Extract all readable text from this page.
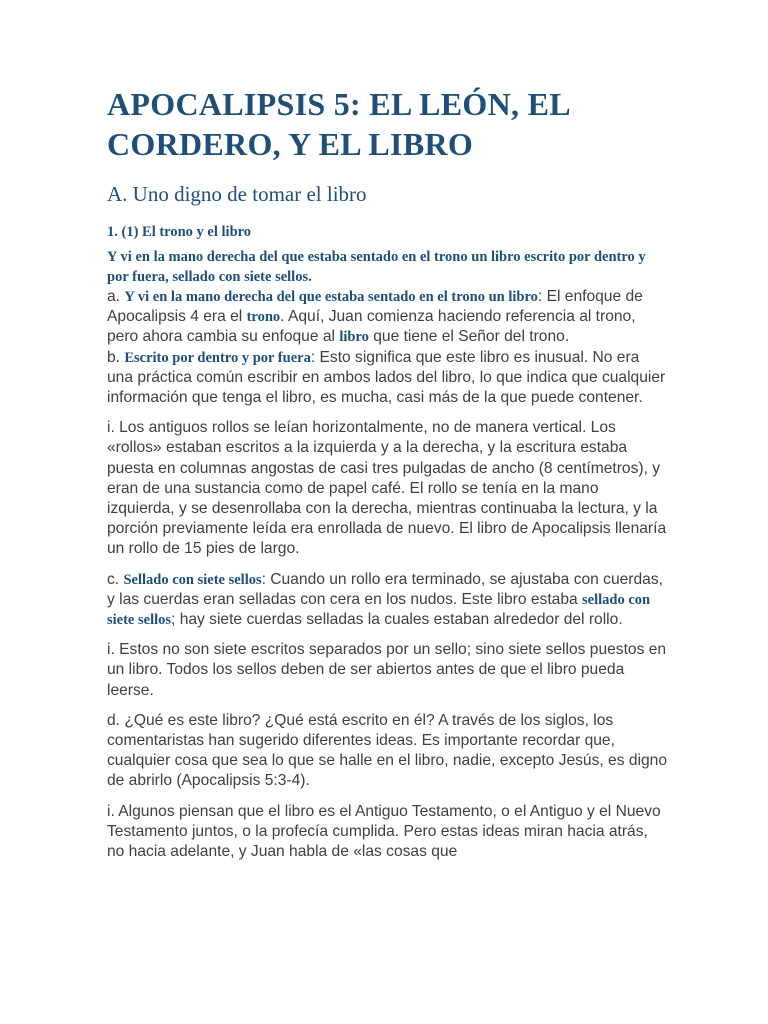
APOCALIPSIS 5: EL LEÓN, EL CORDERO, Y EL LIBRO
A. Uno digno de tomar el libro
1. (1) El trono y el libro

Y vi en la mano derecha del que estaba sentado en el trono un libro escrito por dentro y por fuera, sellado con siete sellos.

a. Y vi en la mano derecha del que estaba sentado en el trono un libro: El enfoque de Apocalipsis 4 era el trono. Aquí, Juan comienza haciendo referencia al trono, pero ahora cambia su enfoque al libro que tiene el Señor del trono.

b. Escrito por dentro y por fuera: Esto significa que este libro es inusual. No era una práctica común escribir en ambos lados del libro, lo que indica que cualquier información que tenga el libro, es mucha, casi más de la que puede contener.

i. Los antiguos rollos se leían horizontalmente, no de manera vertical. Los «rollos» estaban escritos a la izquierda y a la derecha, y la escritura estaba puesta en columnas angostas de casi tres pulgadas de ancho (8 centímetros), y eran de una sustancia como de papel café. El rollo se tenía en la mano izquierda, y se desenrollaba con la derecha, mientras continuaba la lectura, y la porción previamente leída era enrollada de nuevo. El libro de Apocalipsis llenaría un rollo de 15 pies de largo.

c. Sellado con siete sellos: Cuando un rollo era terminado, se ajustaba con cuerdas, y las cuerdas eran selladas con cera en los nudos. Este libro estaba sellado con siete sellos; hay siete cuerdas selladas la cuales estaban alrededor del rollo.

i. Estos no son siete escritos separados por un sello; sino siete sellos puestos en un libro. Todos los sellos deben de ser abiertos antes de que el libro pueda leerse.

d. ¿Qué es este libro? ¿Qué está escrito en él? A través de los siglos, los comentaristas han sugerido diferentes ideas. Es importante recordar que, cualquier cosa que sea lo que se halle en el libro, nadie, excepto Jesús, es digno de abrirlo (Apocalipsis 5:3-4).

i. Algunos piensan que el libro es el Antiguo Testamento, o el Antiguo y el Nuevo Testamento juntos, o la profecía cumplida. Pero estas ideas miran hacia atrás, no hacia adelante, y Juan habla de «las cosas que
